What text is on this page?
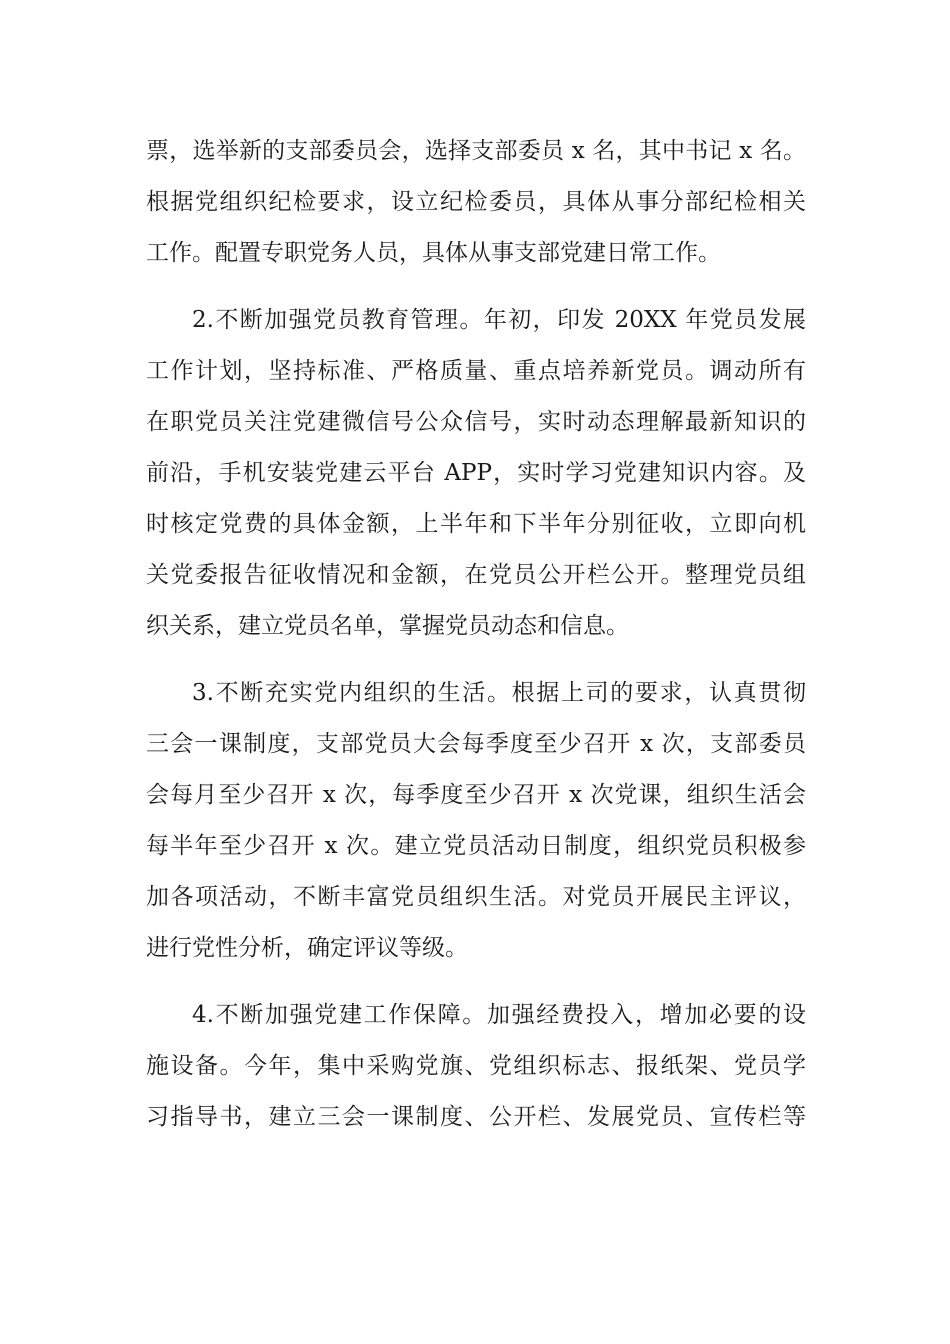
票，选举新的支部委员会，选择支部委员 x 名，其中书记 x 名。
根据党组织纪检要求，设立纪检委员，具体从事分部纪检相关
工作。配置专职党务人员，具体从事支部党建日常工作。
2.不断加强党员教育管理。年初，印发 20XX 年党员发展
工作计划，坚持标准、严格质量、重点培养新党员。调动所有
在职党员关注党建微信号公众信号，实时动态理解最新知识的
前沿，手机安装党建云平台 APP，实时学习党建知识内容。及
时核定党费的具体金额，上半年和下半年分别征收，立即向机
关党委报告征收情况和金额，在党员公开栏公开。整理党员组
织关系，建立党员名单，掌握党员动态和信息。
3.不断充实党内组织的生活。根据上司的要求，认真贯彻
三会一课制度，支部党员大会每季度至少召开 x 次，支部委员
会每月至少召开 x 次，每季度至少召开 x 次党课，组织生活会
每半年至少召开 x 次。建立党员活动日制度，组织党员积极参
加各项活动，不断丰富党员组织生活。对党员开展民主评议，
进行党性分析，确定评议等级。
4.不断加强党建工作保障。加强经费投入，增加必要的设
施设备。今年，集中采购党旗、党组织标志、报纸架、党员学
习指导书，建立三会一课制度、公开栏、发展党员、宣传栏等
